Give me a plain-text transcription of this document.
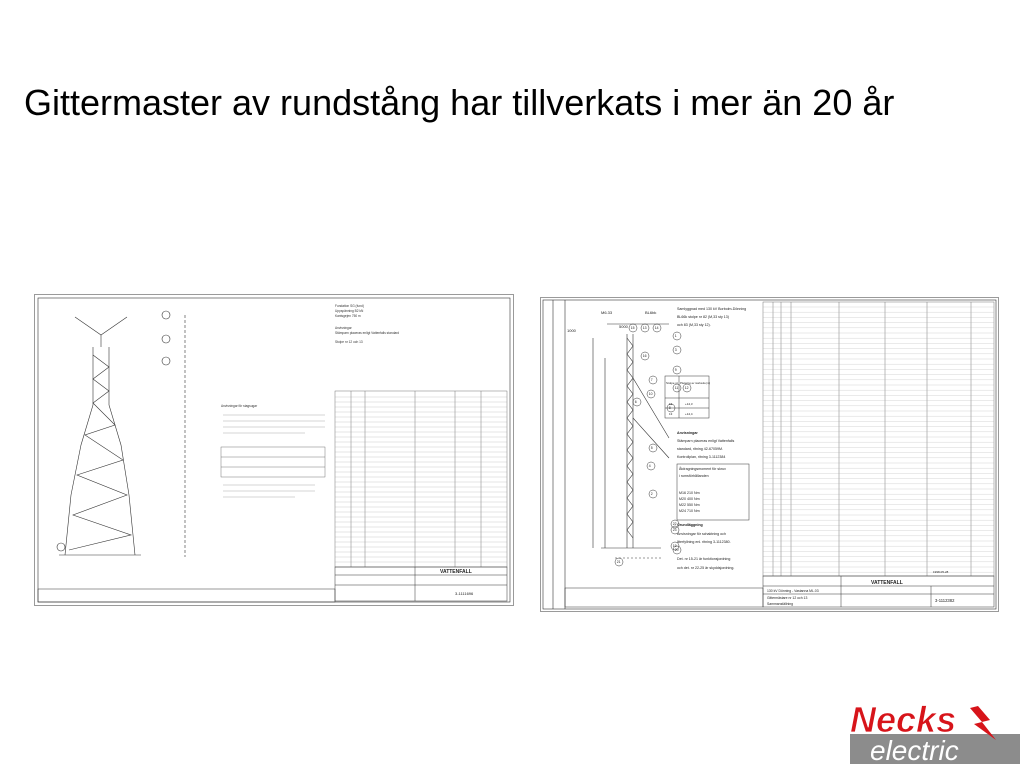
Gittermaster av rundstång har tillverkats i mer än 20 år
Fundation SG (fund)
Uppspänning B2 kN
Kantsgejen 750 m
Anvisningar
Stämparn placeras enligt Vattenfalls standard
Stolpe nr 12 och 13
Anvisningar för stagsugar
VATTENFALL
3-1111696
15 13 14
1
3
16
9
7
11 12
10
6
8
5
4
2
22
23
19
20
21
M6.33	BL6bk
5000
1000
Stolpe nr Placering av marksula (m)
12	+14,3
13	+14,4
Samlyggnad med 130 kV Borbolm-Dönning
BL66k stolpe nr 82 (M,33 sty 13)
och 83 (M,33 sty 12).
Anvisningar
Stämparn placeras enligt Vattenfalls
standard, ritning 42-67059M.
Kontrollplan, ritning 3-1112384
Åtdragningsmoment för skruv
i rumsförhållanden
M16 210 Nm
M20 400 Nm
M22 550 Nm
M24 710 Nm
Grundläggning
Anvisningar för schaktning och
återfyllning enl. ritning 3-1112380.
Det. nr 15-21 är funktionsjordning
och det. nr 22-25 är skyddsjordning.
VATTENFALL
130 kV Dönning - Vastanna ML.03
Gittermästare nr 12 och 13
Sammanställning
3-1112382
1998-05-28
Necks
electric
